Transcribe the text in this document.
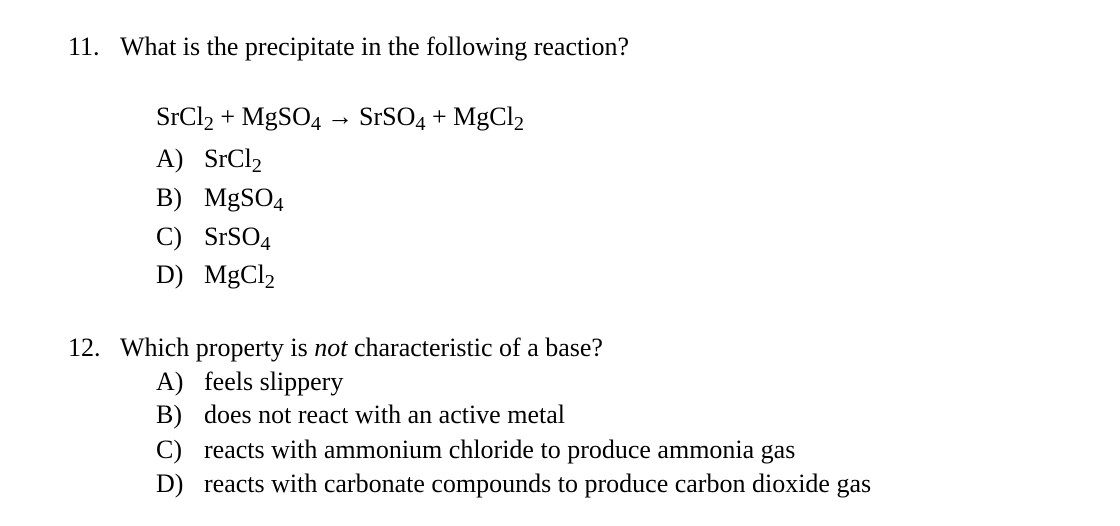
11. What is the precipitate in the following reaction?
SrCl$_2$ + MgSO$_4$ → SrSO$_4$ + MgCl$_2$
A) SrCl$_2$
B) MgSO$_4$
C) SrSO$_4$
D) MgCl$_2$
12. Which property is not characteristic of a base?
A) feels slippery
B) does not react with an active metal
C) reacts with ammonium chloride to produce ammonia gas
D) reacts with carbonate compounds to produce carbon dioxide gas
